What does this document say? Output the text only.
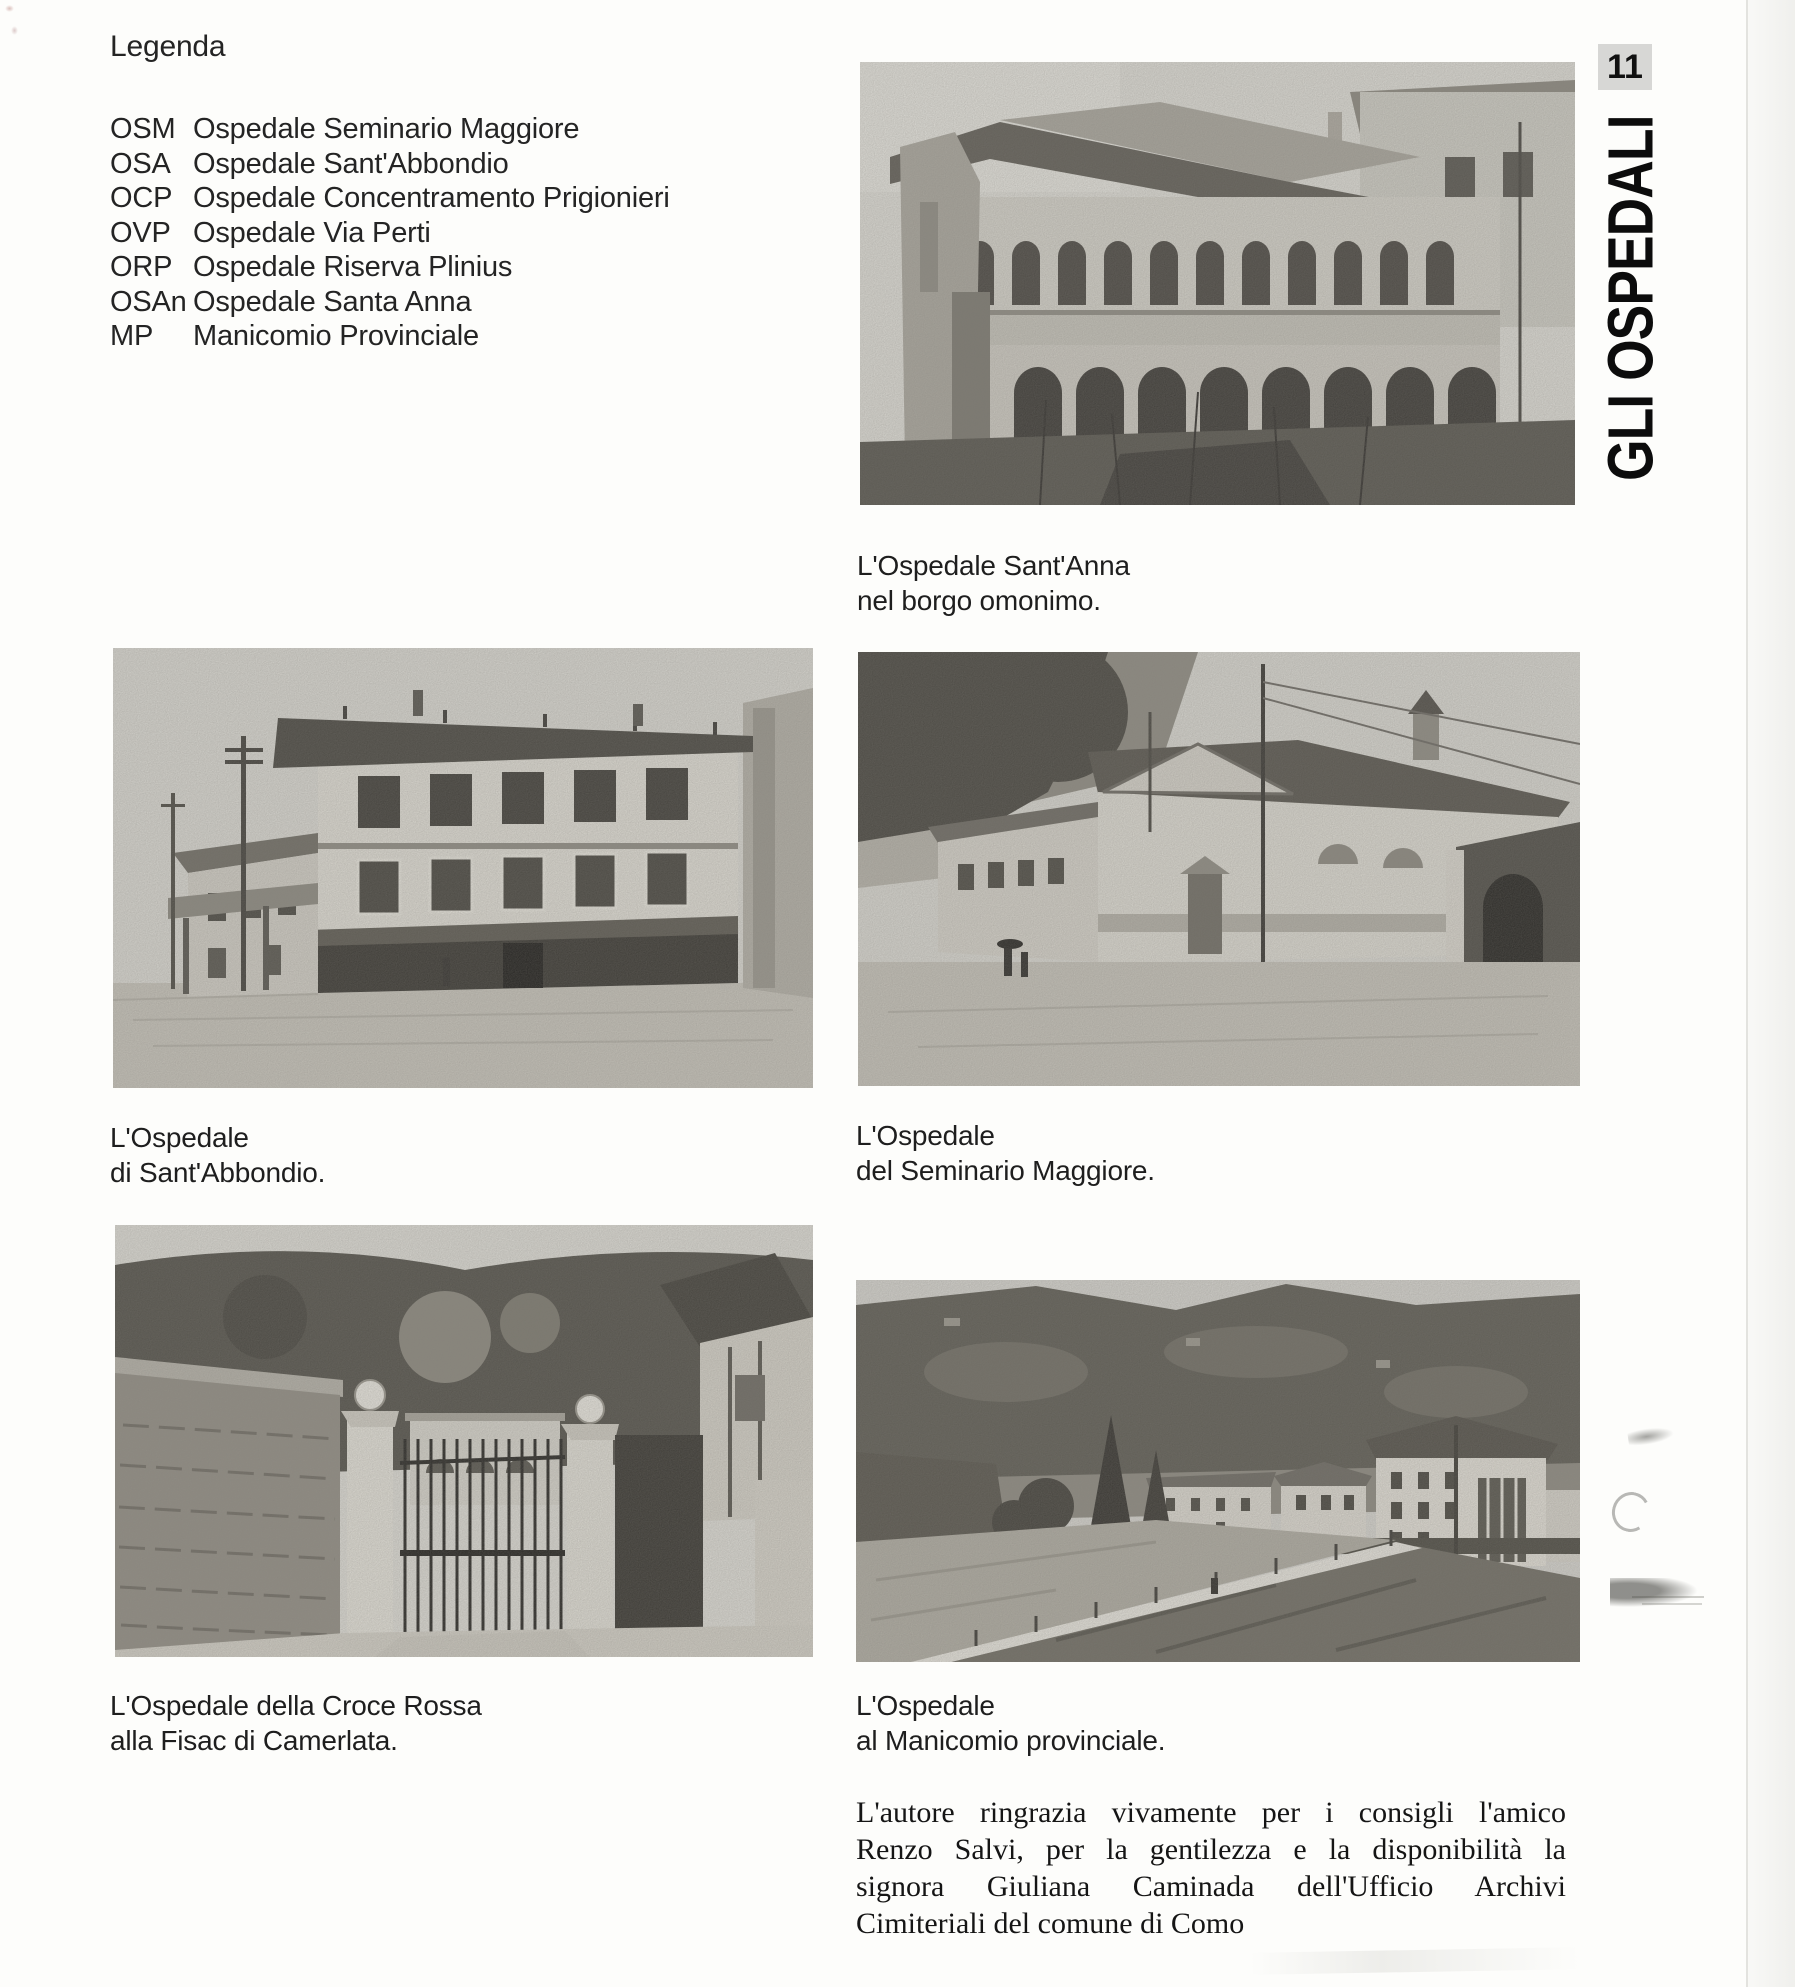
Legenda
OSM Ospedale Seminario Maggiore
OSA Ospedale Sant'Abbondio
OCP Ospedale Concentramento Prigionieri
OVP Ospedale Via Perti
ORP Ospedale Riserva Plinius
OSAn Ospedale Santa Anna
MP Manicomio Provinciale
11
GLI OSPEDALI
L'Ospedale Sant'Anna
nel borgo omonimo.
L'Ospedale
di Sant'Abbondio.
L'Ospedale
del Seminario Maggiore.
L'Ospedale della Croce Rossa
alla Fisac di Camerlata.
L'Ospedale
al Manicomio provinciale.
L'autore ringrazia vivamente per i consigli l'amico
Renzo Salvi, per la gentilezza e la disponibilità la
signora Giuliana Caminada dell'Ufficio Archivi
Cimiteriali del comune di Como
